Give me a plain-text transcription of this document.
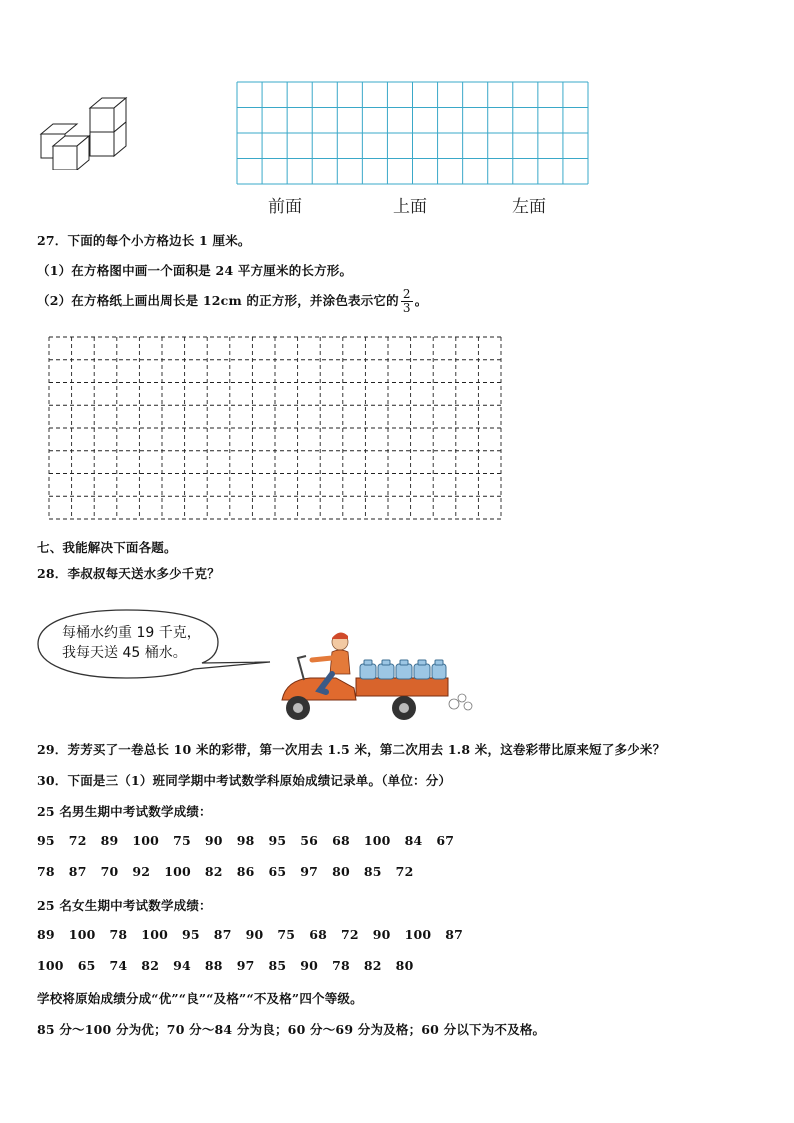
前面	上面	左面
27．下面的每个小方格边长 1 厘米。
（1）在方格图中画一个面积是 24 平方厘米的长方形。
（2）在方格纸上画出周长是 12cm 的正方形，并涂色表示它的 $\frac{2}{3}$ 。
七、我能解决下面各题。
28．李叔叔每天送水多少千克？
每桶水约重 19 千克，
我每天送 45 桶水。
29．芳芳买了一卷总长 10 米的彩带，第一次用去 1.5 米，第二次用去 1.8 米，这卷彩带比原来短了多少米？
30．下面是三（1）班同学期中考试数学科原始成绩记录单。（单位：分）
25 名男生期中考试数学成绩：
95 72 89 100 75 90 98 95 56 68 100 84 67
78 87 70 92 100 82 86 65 97 80 85 72
25 名女生期中考试数学成绩：
89 100 78 100 95 87 90 75 68 72 90 100 87
100 65 74 82 94 88 97 85 90 78 82 80
学校将原始成绩分成“优”“良”“及格”“不及格”四个等级。
85 分～100 分为优；70 分～84 分为良；60 分～69 分为及格；60 分以下为不及格。
